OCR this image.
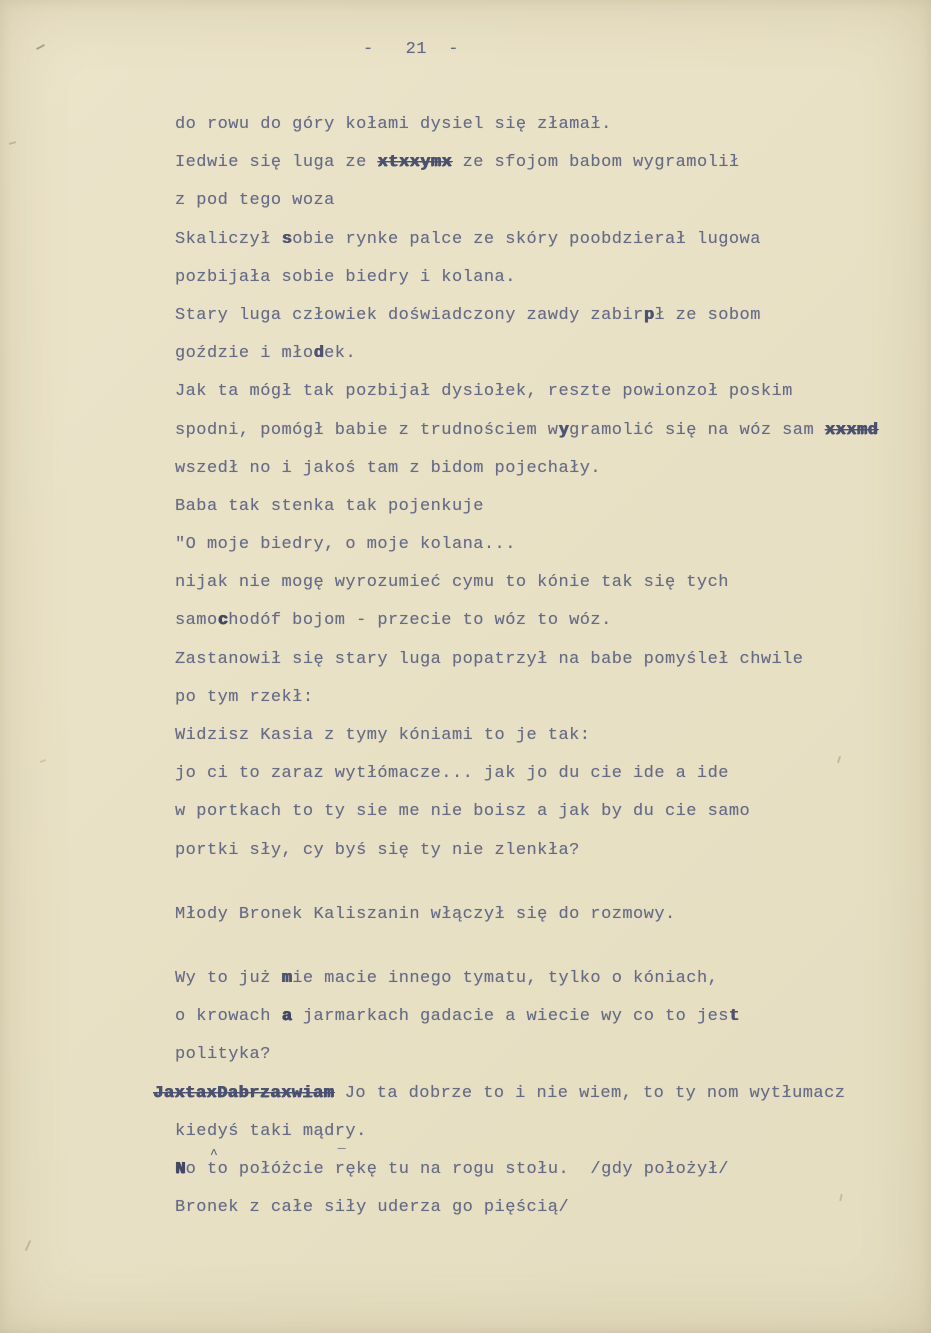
-   21  -
do rowu do góry kołami dysiel się złamał.
Iedwie się luga ze xtxxymx ze sfojom babom wygramolił
z pod tego woza
Skaliczył sobie rynke palce ze skóry poobdzierał lugowa
pozbijała sobie biedry i kolana.
Stary luga człowiek doświadczony zawdy zabirpł ze sobom
goździe i młodek.
Jak ta mógł tak pozbijał dysiołek, reszte powionzoł poskim
spodni, pomógł babie z trudnościem wygramolić się na wóz sam xxxmd
wszedł no i jakoś tam z bidom pojechały.
Baba tak stenka tak pojenkuje
"O moje biedry, o moje kolana...
nijak nie mogę wyrozumieć cymu to kónie tak się tych
samochodóf bojom - przecie to wóz to wóz.
Zastanowił się stary luga popatrzył na babe pomyśleł chwile
po tym rzekł:
Widzisz Kasia z tymy kóniami to je tak:
jo ci to zaraz wytłómacze... jak jo du cie ide a ide
w portkach to ty sie me nie boisz a jak by du cie samo
portki sły, cy byś się ty nie zlenkła?
Młody Bronek Kaliszanin włączył się do rozmowy.
Wy to już mie macie innego tymatu, tylko o kóniach,
o krowach a jarmarkach gadacie a wiecie wy co to jest
polityka?
JaxtaxDabrzaxwiam Jo ta dobrze to i nie wiem, to ty nom wytłumacz
kiedyś taki mądry.
No ^to połóżcie ‾rękę tu na rogu stołu.  /gdy położył/
Bronek z całe siły uderza go pięścią/
